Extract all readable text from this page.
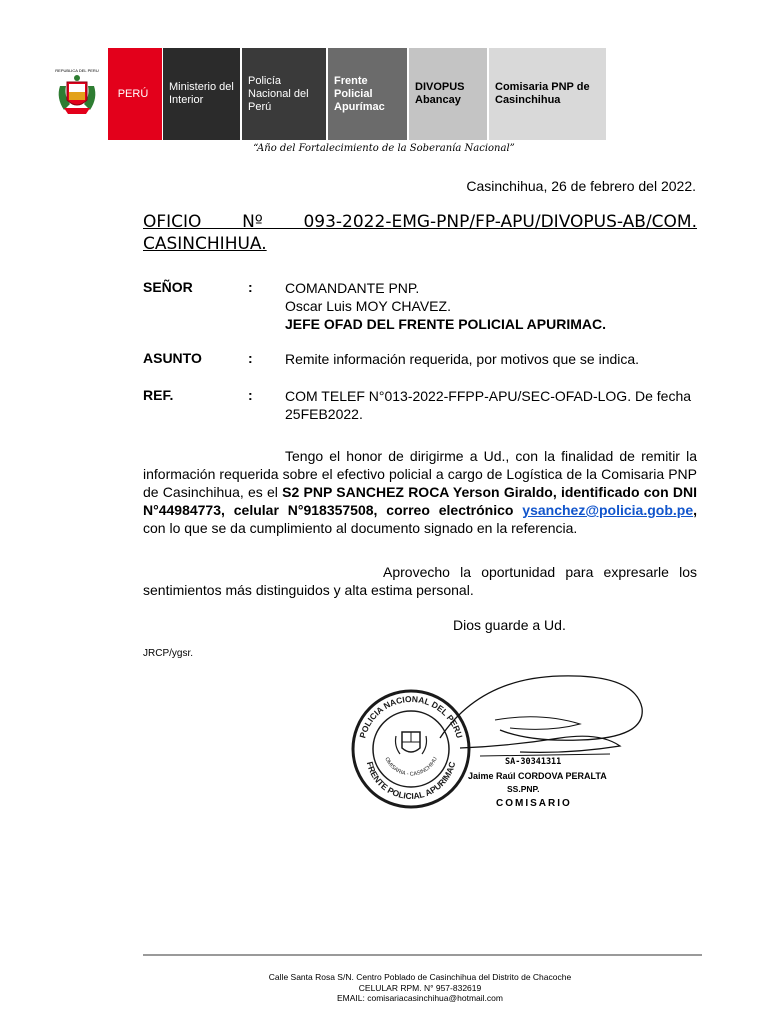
REPUBLICA DEL PERU
PERÚ
Ministerio del Interior
Policía Nacional del Perú
Frente Policial Apurímac
DIVOPUS Abancay
Comisaria PNP de Casinchihua
“Año del Fortalecimiento de la Soberanía Nacional”
Casinchihua, 26 de febrero del 2022.
OFICIO Nº 093-2022-EMG-PNP/FP-APU/DIVOPUS-AB/COM. CASINCHIHUA.
SEÑOR	: COMANDANTE PNP.
Oscar Luis MOY CHAVEZ.
JEFE OFAD DEL FRENTE POLICIAL APURIMAC.
ASUNTO	: Remite información requerida, por motivos que se indica.
REF.	: COM TELEF N°013-2022-FFPP-APU/SEC-OFAD-LOG. De fecha 25FEB2022.
Tengo el honor de dirigirme a Ud., con la finalidad de remitir la información requerida sobre el efectivo policial a cargo de Logística de la Comisaria PNP de Casinchihua, es el S2 PNP SANCHEZ ROCA Yerson Giraldo, identificado con DNI N°44984773, celular N°918357508, correo electrónico ysanchez@policia.gob.pe, con lo que se da cumplimiento al documento signado en la referencia.
Aprovecho la oportunidad para expresarle los sentimientos más distinguidos y alta estima personal.
Dios guarde a Ud.
JRCP/ygsr.
POLICIA NACIONAL DEL PERU
FRENTE POLICIAL APURIMAC
OMISARIA - CASINCHIHU	SA-30341311
Jaime Raúl CORDOVA PERALTA
SS.PNP.
COMISARIO
Calle Santa Rosa S/N. Centro Poblado de Casinchihua del Distrito de Chacoche
CELULAR RPM. N° 957-832619
EMAIL: comisariacasinchihua@hotmail.com
